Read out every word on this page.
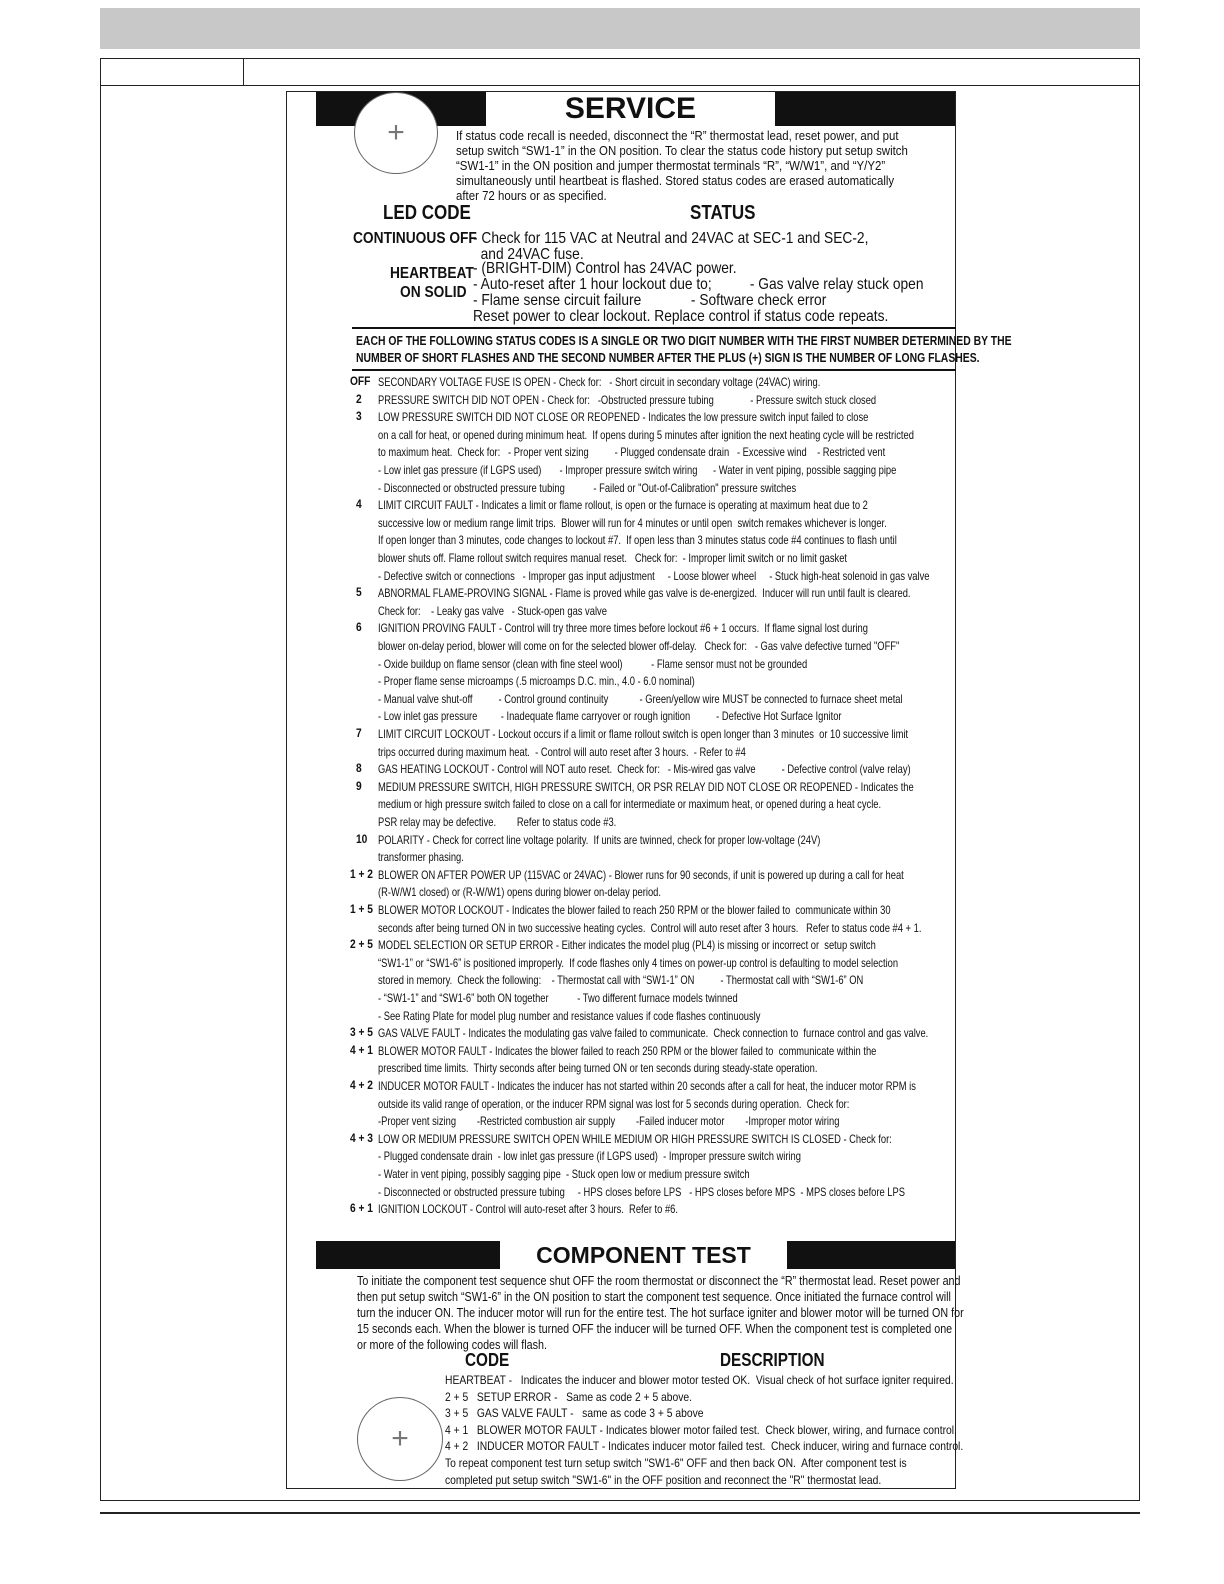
SERVICE
+	If status code recall is needed, disconnect the “R” thermostat lead, reset power, and put
setup switch “SW1-1” in the ON position. To clear the status code history put setup switch
“SW1-1” in the ON position and jumper thermostat terminals “R”, “W/W1”, and “Y/Y2”
simultaneously until heartbeat is flashed. Stored status codes are erased automatically
after 72 hours or as specified.
LED CODE	STATUS
CONTINUOUS OFF
- Check for 115 VAC at Neutral and 24VAC at SEC-1 and SEC-2,
and 24VAC fuse.
HEARTBEAT
ON SOLID
- (BRIGHT-DIM) Control has 24VAC power.
- Auto-reset after 1 hour lockout due to;          - Gas valve relay stuck open
- Flame sense circuit failure             - Software check error
Reset power to clear lockout. Replace control if status code repeats.
EACH OF THE FOLLOWING STATUS CODES IS A SINGLE OR TWO DIGIT NUMBER WITH THE FIRST NUMBER DETERMINED BY THE
NUMBER OF SHORT FLASHES AND THE SECOND NUMBER AFTER THE PLUS (+) SIGN IS THE NUMBER OF LONG FLASHES.
OFF SECONDARY VOLTAGE FUSE IS OPEN - Check for:   - Short circuit in secondary voltage (24VAC) wiring.
2 PRESSURE SWITCH DID NOT OPEN - Check for:   -Obstructed pressure tubing              - Pressure switch stuck closed
3 LOW PRESSURE SWITCH DID NOT CLOSE OR REOPENED - Indicates the low pressure switch input failed to close
on a call for heat, or opened during minimum heat.  If opens during 5 minutes after ignition the next heating cycle will be restricted
to maximum heat.  Check for:   - Proper vent sizing          - Plugged condensate drain   - Excessive wind    - Restricted vent
- Low inlet gas pressure (if LGPS used)       - Improper pressure switch wiring      - Water in vent piping, possible sagging pipe
- Disconnected or obstructed pressure tubing           - Failed or "Out-of-Calibration" pressure switches
4 LIMIT CIRCUIT FAULT - Indicates a limit or flame rollout, is open or the furnace is operating at maximum heat due to 2
successive low or medium range limit trips.  Blower will run for 4 minutes or until open  switch remakes whichever is longer.
If open longer than 3 minutes, code changes to lockout #7.  If open less than 3 minutes status code #4 continues to flash until
blower shuts off. Flame rollout switch requires manual reset.   Check for:  - Improper limit switch or no limit gasket
- Defective switch or connections   - Improper gas input adjustment     - Loose blower wheel     - Stuck high-heat solenoid in gas valve
5 ABNORMAL FLAME-PROVING SIGNAL - Flame is proved while gas valve is de-energized.  Inducer will run until fault is cleared.
Check for:    - Leaky gas valve   - Stuck-open gas valve
6 IGNITION PROVING FAULT - Control will try three more times before lockout #6 + 1 occurs.  If flame signal lost during
blower on-delay period, blower will come on for the selected blower off-delay.   Check for:   - Gas valve defective turned "OFF"
- Oxide buildup on flame sensor (clean with fine steel wool)           - Flame sensor must not be grounded
- Proper flame sense microamps (.5 microamps D.C. min., 4.0 - 6.0 nominal)
- Manual valve shut-off          - Control ground continuity            - Green/yellow wire MUST be connected to furnace sheet metal
- Low inlet gas pressure         - Inadequate flame carryover or rough ignition          - Defective Hot Surface Ignitor
7 LIMIT CIRCUIT LOCKOUT - Lockout occurs if a limit or flame rollout switch is open longer than 3 minutes  or 10 successive limit
trips occurred during maximum heat.  - Control will auto reset after 3 hours.  - Refer to #4
8 GAS HEATING LOCKOUT - Control will NOT auto reset.  Check for:   - Mis-wired gas valve          - Defective control (valve relay)
9 MEDIUM PRESSURE SWITCH, HIGH PRESSURE SWITCH, OR PSR RELAY DID NOT CLOSE OR REOPENED - Indicates the
medium or high pressure switch failed to close on a call for intermediate or maximum heat, or opened during a heat cycle.
PSR relay may be defective.        Refer to status code #3.
10 POLARITY - Check for correct line voltage polarity.  If units are twinned, check for proper low-voltage (24V)
transformer phasing.
1 + 2 BLOWER ON AFTER POWER UP (115VAC or 24VAC) - Blower runs for 90 seconds, if unit is powered up during a call for heat
(R-W/W1 closed) or (R-W/W1) opens during blower on-delay period.
1 + 5 BLOWER MOTOR LOCKOUT - Indicates the blower failed to reach 250 RPM or the blower failed to  communicate within 30
seconds after being turned ON in two successive heating cycles.  Control will auto reset after 3 hours.   Refer to status code #4 + 1.
2 + 5 MODEL SELECTION OR SETUP ERROR - Either indicates the model plug (PL4) is missing or incorrect or  setup switch
“SW1-1” or “SW1-6” is positioned improperly.  If code flashes only 4 times on power-up control is defaulting to model selection
stored in memory.  Check the following:    - Thermostat call with “SW1-1” ON          - Thermostat call with “SW1-6” ON
- “SW1-1” and “SW1-6” both ON together           - Two different furnace models twinned
- See Rating Plate for model plug number and resistance values if code flashes continuously
3 + 5 GAS VALVE FAULT - Indicates the modulating gas valve failed to communicate.  Check connection to  furnace control and gas valve.
4 + 1 BLOWER MOTOR FAULT - Indicates the blower failed to reach 250 RPM or the blower failed to  communicate within the
prescribed time limits.  Thirty seconds after being turned ON or ten seconds during steady-state operation.
4 + 2 INDUCER MOTOR FAULT - Indicates the inducer has not started within 20 seconds after a call for heat, the inducer motor RPM is
outside its valid range of operation, or the inducer RPM signal was lost for 5 seconds during operation.  Check for:
-Proper vent sizing        -Restricted combustion air supply        -Failed inducer motor        -Improper motor wiring
4 + 3 LOW OR MEDIUM PRESSURE SWITCH OPEN WHILE MEDIUM OR HIGH PRESSURE SWITCH IS CLOSED - Check for:
- Plugged condensate drain  - low inlet gas pressure (if LGPS used)  - Improper pressure switch wiring
- Water in vent piping, possibly sagging pipe  - Stuck open low or medium pressure switch
- Disconnected or obstructed pressure tubing     - HPS closes before LPS   - HPS closes before MPS  - MPS closes before LPS
6 + 1 IGNITION LOCKOUT - Control will auto-reset after 3 hours.  Refer to #6.
COMPONENT TEST
To initiate the component test sequence shut OFF the room thermostat or disconnect the “R” thermostat lead. Reset power and
then put setup switch “SW1-6” in the ON position to start the component test sequence. Once initiated the furnace control will
turn the inducer ON. The inducer motor will run for the entire test. The hot surface igniter and blower motor will be turned ON for
15 seconds each. When the blower is turned OFF the inducer will be turned OFF. When the component test is completed one
or more of the following codes will flash.
CODE	DESCRIPTION
+
HEARTBEAT -   Indicates the inducer and blower motor tested OK.  Visual check of hot surface igniter required.
2 + 5   SETUP ERROR -   Same as code 2 + 5 above.
3 + 5   GAS VALVE FAULT -   same as code 3 + 5 above
4 + 1   BLOWER MOTOR FAULT - Indicates blower motor failed test.  Check blower, wiring, and furnace control.
4 + 2   INDUCER MOTOR FAULT - Indicates inducer motor failed test.  Check inducer, wiring and furnace control.
To repeat component test turn setup switch "SW1-6" OFF and then back ON.  After component test is
completed put setup switch "SW1-6" in the OFF position and reconnect the "R" thermostat lead.
